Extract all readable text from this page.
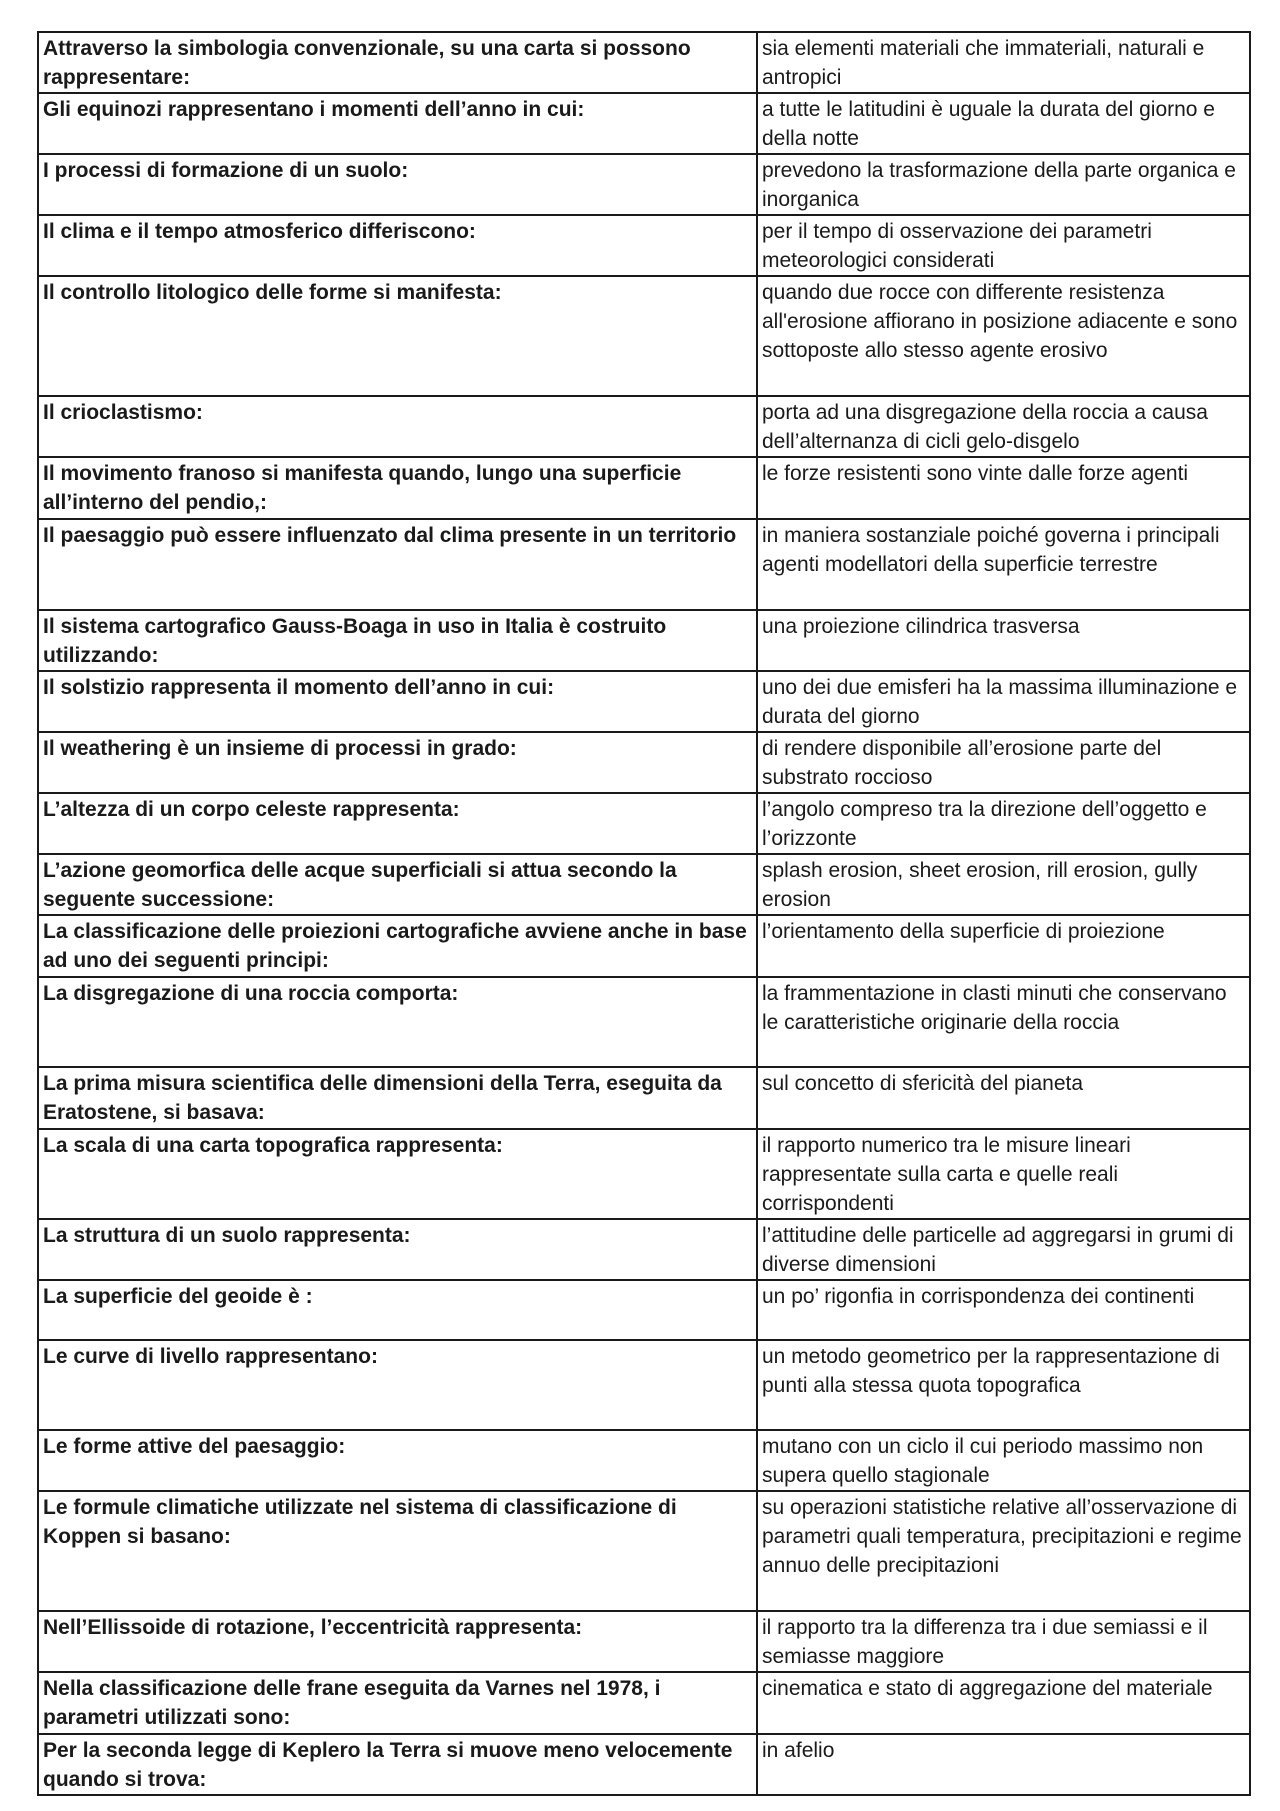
Attraverso la simbologia convenzionale, su una carta si possono rappresentare:	sia elementi materiali che immateriali, naturali e antropici
Gli equinozi rappresentano i momenti dell’anno in cui:	a tutte le latitudini è uguale la durata del giorno e della notte
I processi di formazione di un suolo:	prevedono la trasformazione della parte organica e inorganica
Il clima e il tempo atmosferico differiscono:	per il tempo di osservazione dei parametri meteorologici considerati
Il controllo litologico delle forme si manifesta:	quando due rocce con differente resistenza all'erosione affiorano in posizione adiacente e sono sottoposte allo stesso agente erosivo
Il crioclastismo:	porta ad una disgregazione della roccia a causa dell’alternanza di cicli gelo-disgelo
Il movimento franoso si manifesta quando, lungo una superficie all’interno del pendio,:	le forze resistenti sono vinte dalle forze agenti
Il paesaggio può essere influenzato dal clima presente in un territorio	in maniera sostanziale poiché governa i principali agenti modellatori della superficie terrestre
Il sistema cartografico Gauss-Boaga in uso in Italia è costruito utilizzando:	una proiezione cilindrica trasversa
Il solstizio rappresenta il momento dell’anno in cui:	uno dei due emisferi ha la massima illuminazione e durata del giorno
Il weathering è un insieme di processi in grado:	di rendere disponibile all’erosione parte del substrato roccioso
L’altezza di un corpo celeste rappresenta:	l’angolo compreso tra la direzione dell’oggetto e l’orizzonte
L’azione geomorfica delle acque superficiali si attua secondo la seguente successione:	splash erosion, sheet erosion, rill erosion, gully erosion
La classificazione delle proiezioni cartografiche avviene anche in base ad uno dei seguenti principi:	l’orientamento della superficie di proiezione
La disgregazione di una roccia comporta:	la frammentazione in clasti minuti che conservano le caratteristiche originarie della roccia
La prima misura scientifica delle dimensioni della Terra, eseguita da Eratostene, si basava:	sul concetto di sfericità del pianeta
La scala di una carta topografica rappresenta:	il rapporto numerico tra le misure lineari rappresentate sulla carta e quelle reali corrispondenti
La struttura di un suolo rappresenta:	l’attitudine delle particelle ad aggregarsi in grumi di diverse dimensioni
La superficie del geoide è :	un po’ rigonfia in corrispondenza dei continenti
Le curve di livello rappresentano:	un metodo geometrico per la rappresentazione di punti alla stessa quota topografica
Le forme attive del paesaggio:	mutano con un ciclo il cui periodo massimo non supera quello stagionale
Le formule climatiche utilizzate nel sistema di classificazione di Koppen si basano:	su operazioni statistiche relative all’osservazione di parametri quali temperatura, precipitazioni e regime annuo delle precipitazioni
Nell’Ellissoide di rotazione, l’eccentricità rappresenta:	il rapporto tra la differenza tra i due semiassi e il semiasse maggiore
Nella classificazione delle frane eseguita da Varnes nel 1978, i parametri utilizzati sono:	cinematica e stato di aggregazione del materiale
Per la seconda legge di Keplero la Terra si muove meno velocemente quando si trova:	in afelio
